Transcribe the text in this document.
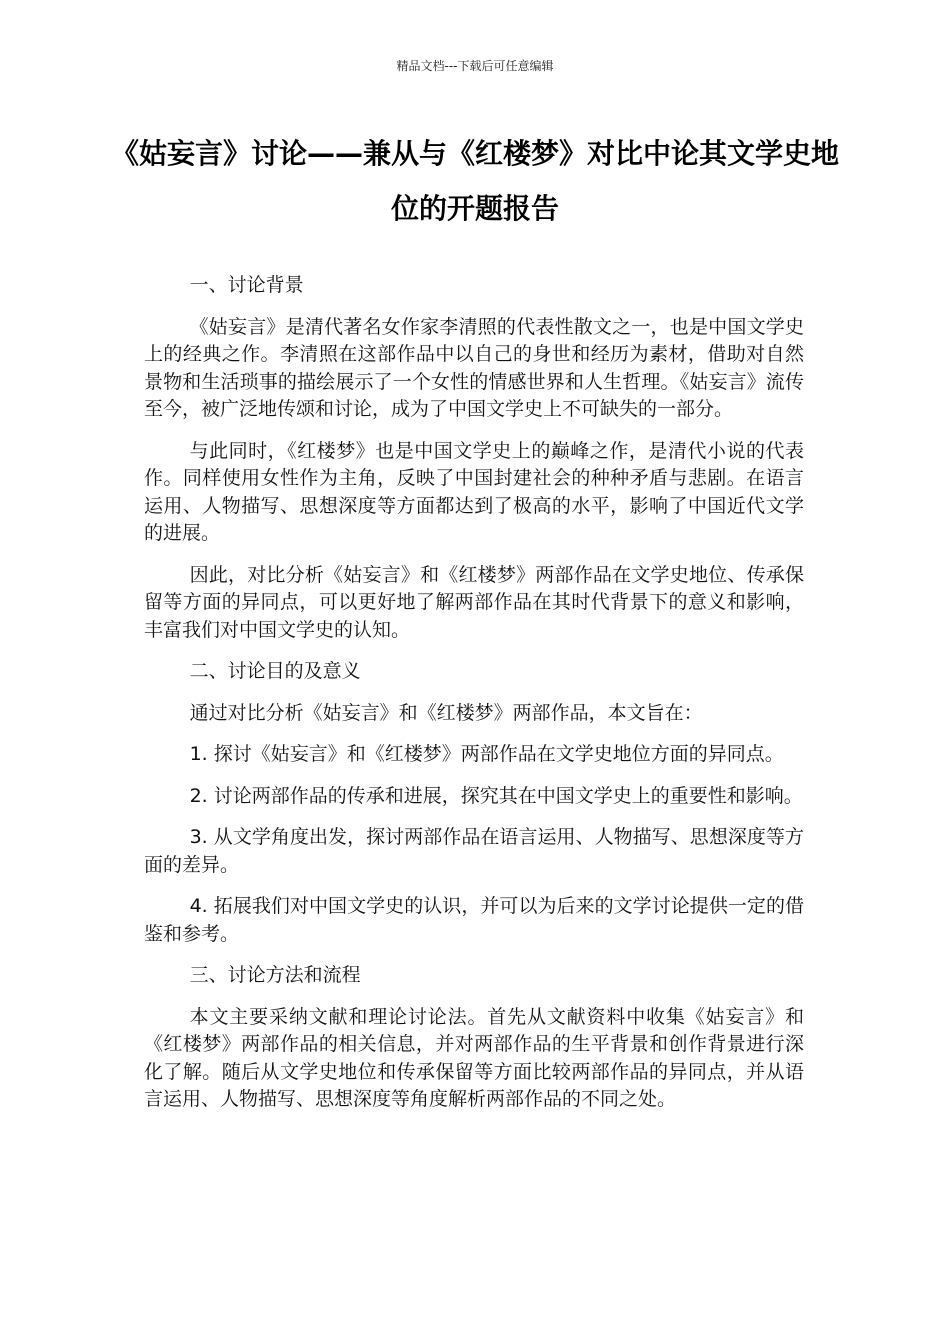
精品文档---下载后可任意编辑
《姑妄言》讨论——兼从与《红楼梦》对比中论其文学史地位的开题报告

一、讨论背景

《姑妄言》是清代著名女作家李清照的代表性散文之一，也是中国文学史上的经典之作。李清照在这部作品中以自己的身世和经历为素材，借助对自然景物和生活琐事的描绘展示了一个女性的情感世界和人生哲理。《姑妄言》流传至今，被广泛地传颂和讨论，成为了中国文学史上不可缺失的一部分。

与此同时，《红楼梦》也是中国文学史上的巅峰之作，是清代小说的代表作。同样使用女性作为主角，反映了中国封建社会的种种矛盾与悲剧。在语言运用、人物描写、思想深度等方面都达到了极高的水平，影响了中国近代文学的进展。

因此，对比分析《姑妄言》和《红楼梦》两部作品在文学史地位、传承保留等方面的异同点，可以更好地了解两部作品在其时代背景下的意义和影响，丰富我们对中国文学史的认知。

二、讨论目的及意义

通过对比分析《姑妄言》和《红楼梦》两部作品，本文旨在：

1. 探讨《姑妄言》和《红楼梦》两部作品在文学史地位方面的异同点。

2. 讨论两部作品的传承和进展，探究其在中国文学史上的重要性和影响。

3. 从文学角度出发，探讨两部作品在语言运用、人物描写、思想深度等方面的差异。

4. 拓展我们对中国文学史的认识，并可以为后来的文学讨论提供一定的借鉴和参考。

三、讨论方法和流程

本文主要采纳文献和理论讨论法。首先从文献资料中收集《姑妄言》和《红楼梦》两部作品的相关信息，并对两部作品的生平背景和创作背景进行深化了解。随后从文学史地位和传承保留等方面比较两部作品的异同点，并从语言运用、人物描写、思想深度等角度解析两部作品的不同之处。
